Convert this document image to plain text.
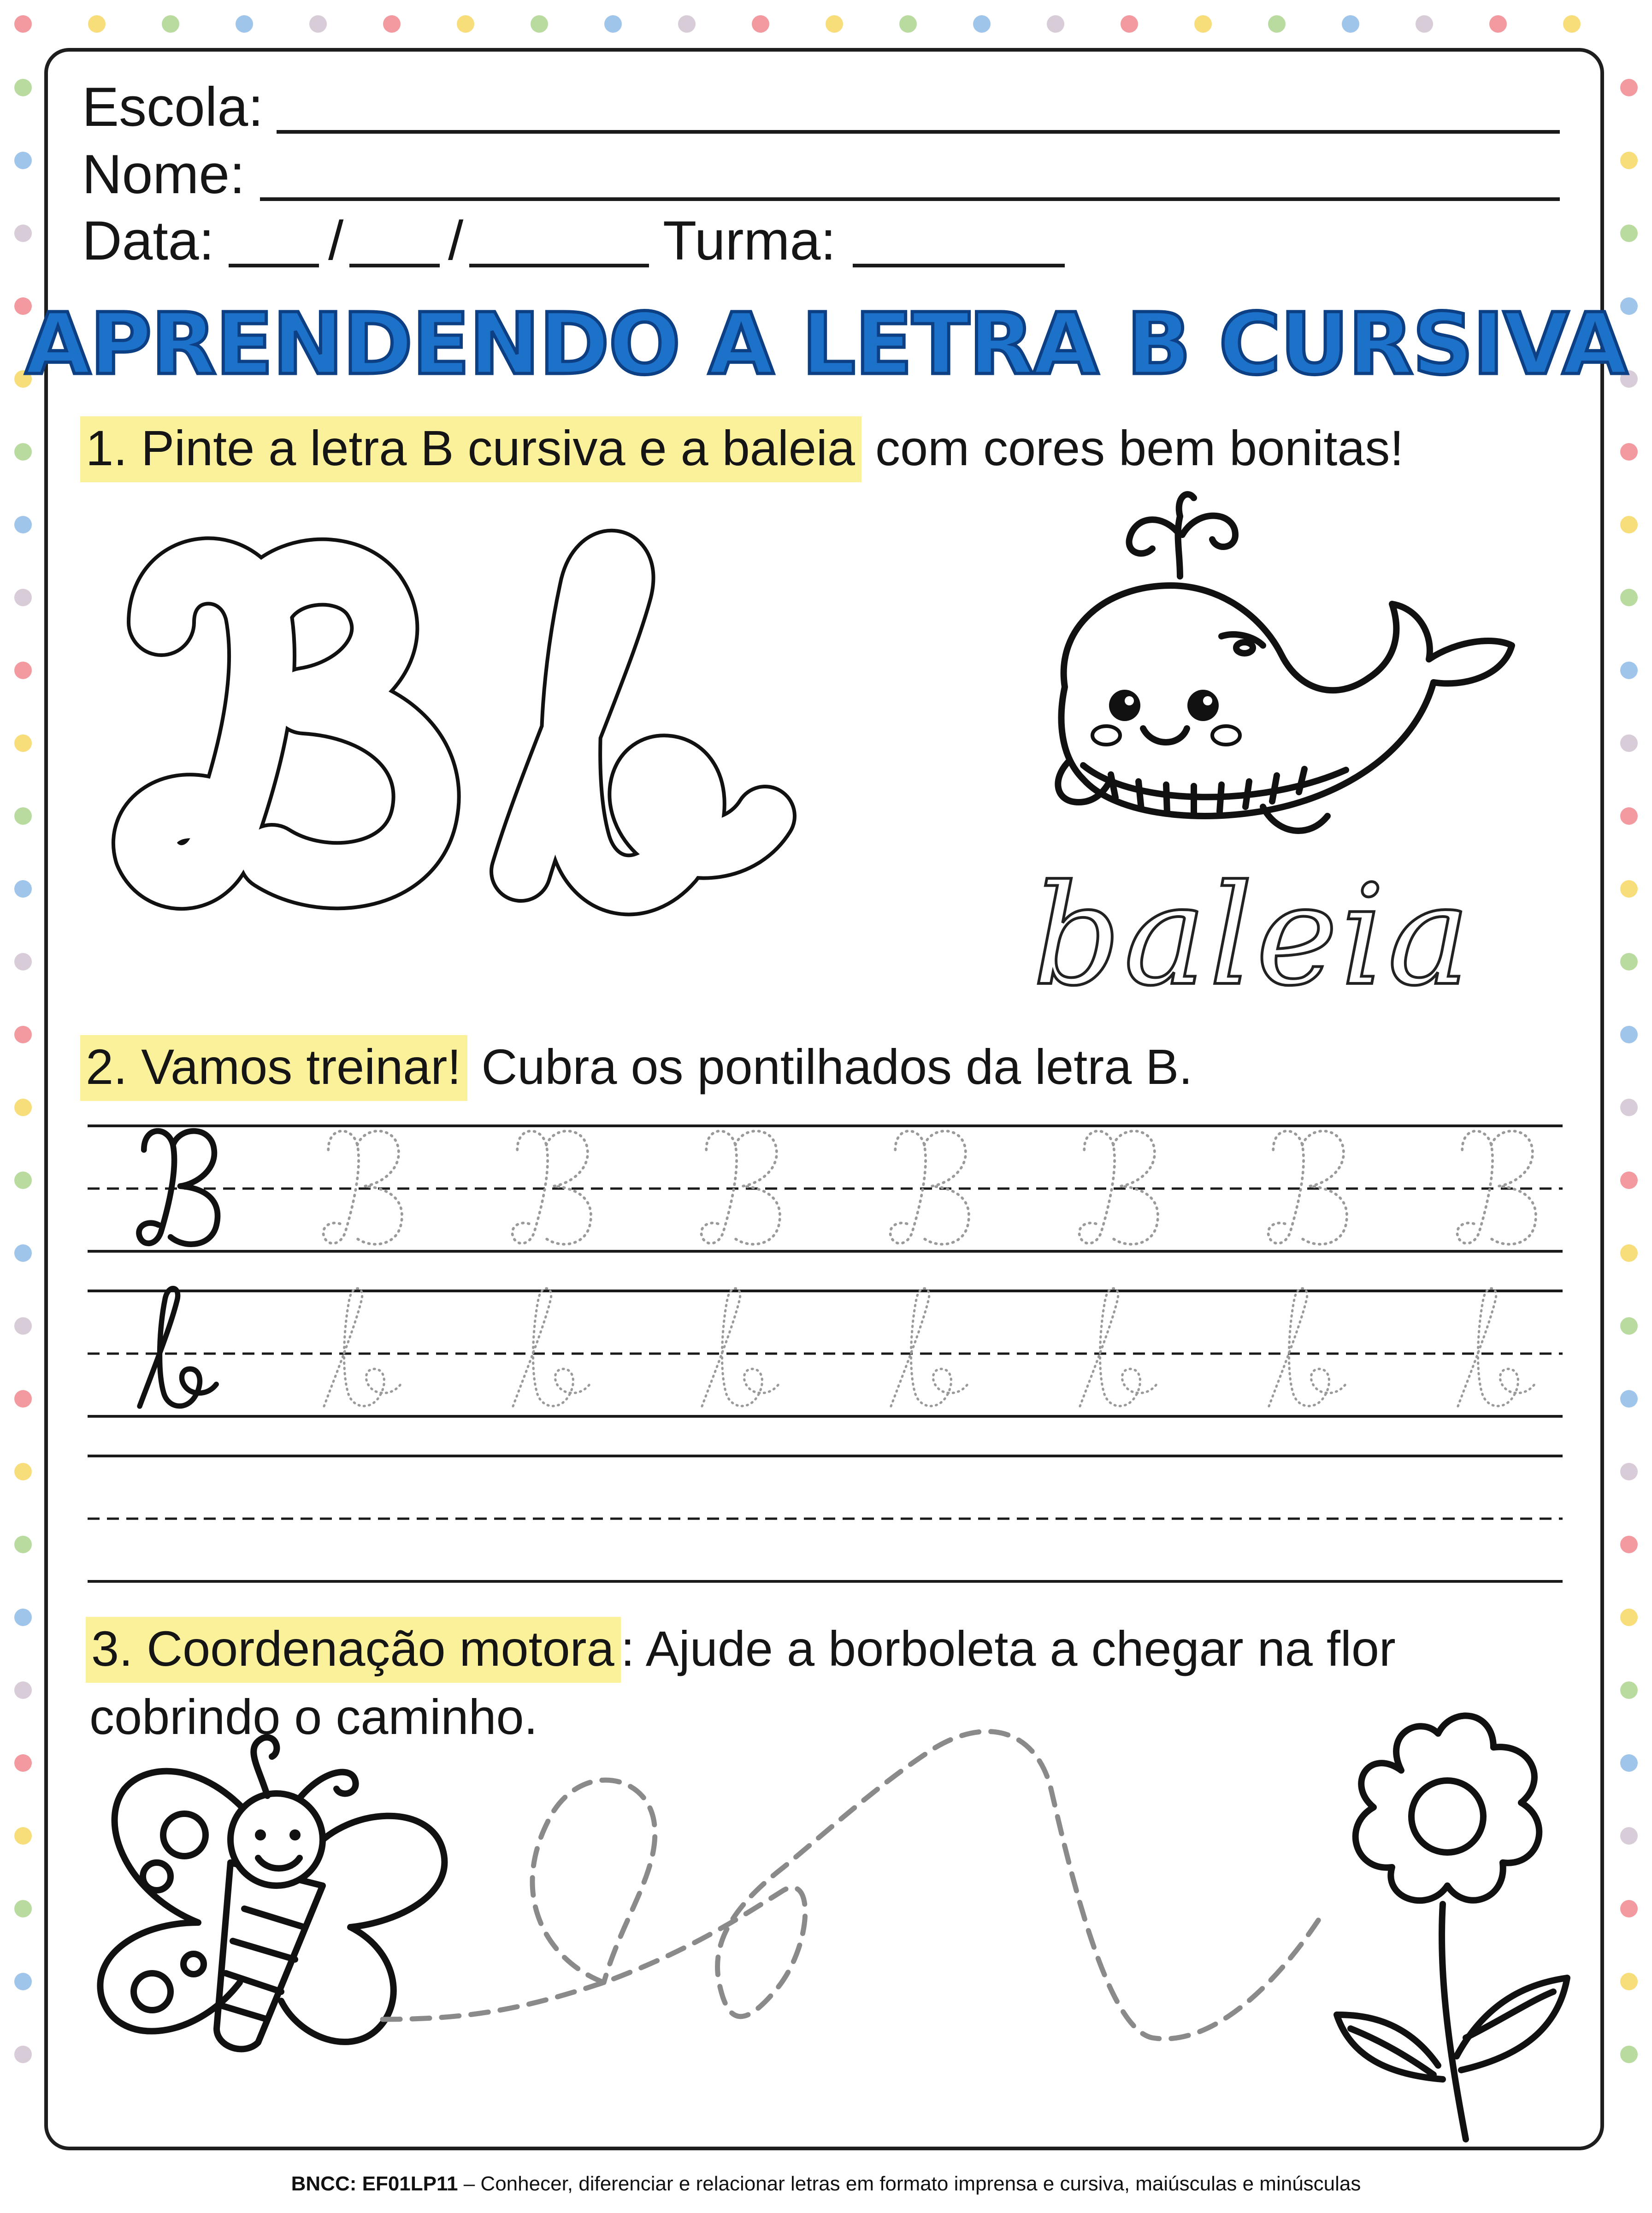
Escola:
Nome:
Data: / /	Turma:
APRENDENDO A LETRA B CURSIVA
1. Pinte a letra B cursiva e a baleia com cores bem bonitas!
baleia
2. Vamos treinar! Cubra os pontilhados da letra B.
3. Coordenação motora : Ajude a borboleta a chegar na flor
cobrindo o caminho.
BNCC: EF01LP11 – Conhecer, diferenciar e relacionar letras em formato imprensa e cursiva, maiúsculas e minúsculas
